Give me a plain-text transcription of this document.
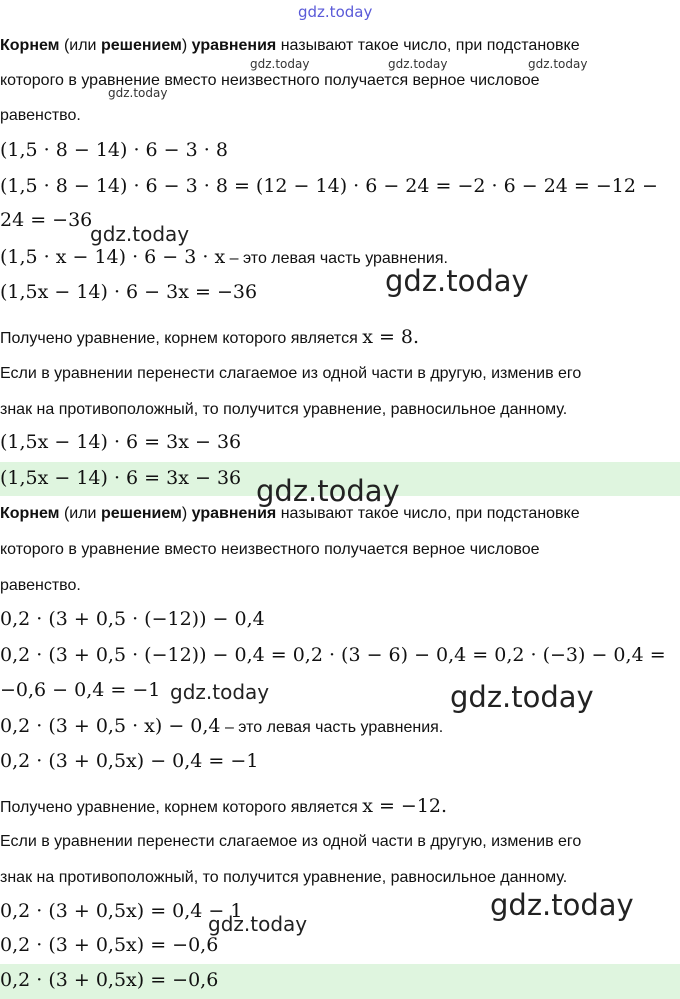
gdz.today
Корнем (или решением) уравнения называют такое число, при подстановке
которого в уравнение вместо неизвестного получается верное числовое
равенство.
gdz.today	gdz.today	gdz.today
gdz.today
(1,5 · 8 − 14) · 6 − 3 · 8
(1,5 · 8 − 14) · 6 − 3 · 8 = (12 − 14) · 6 − 24 = −2 · 6 − 24 = −12 −
24 = −36
gdz.today
(1,5 · x − 14) · 6 − 3 · x – это левая часть уравнения.
(1,5x − 14) · 6 − 3x = −36	gdz.today
Получено уравнение, корнем которого является x = 8.
Если в уравнении перенести слагаемое из одной части в другую, изменив его
знак на противоположный, то получится уравнение, равносильное данному.
(1,5x − 14) · 6 = 3x − 36
(1,5x − 14) · 6 = 3x − 36 gdz.today
Корнем (или решением) уравнения называют такое число, при подстановке
которого в уравнение вместо неизвестного получается верное числовое
равенство.
0,2 · (3 + 0,5 · (−12)) − 0,4
0,2 · (3 + 0,5 · (−12)) − 0,4 = 0,2 · (3 − 6) − 0,4 = 0,2 · (−3) − 0,4 =
−0,6 − 0,4 = −1 gdz.today	gdz.today
0,2 · (3 + 0,5 · x) − 0,4 – это левая часть уравнения.
0,2 · (3 + 0,5x) − 0,4 = −1
Получено уравнение, корнем которого является x = −12.
Если в уравнении перенести слагаемое из одной части в другую, изменив его
знак на противоположный, то получится уравнение, равносильное данному.
0,2 · (3 + 0,5x) = 0,4 − 1	gdz.today
gdz.today
0,2 · (3 + 0,5x) = −0,6
0,2 · (3 + 0,5x) = −0,6
